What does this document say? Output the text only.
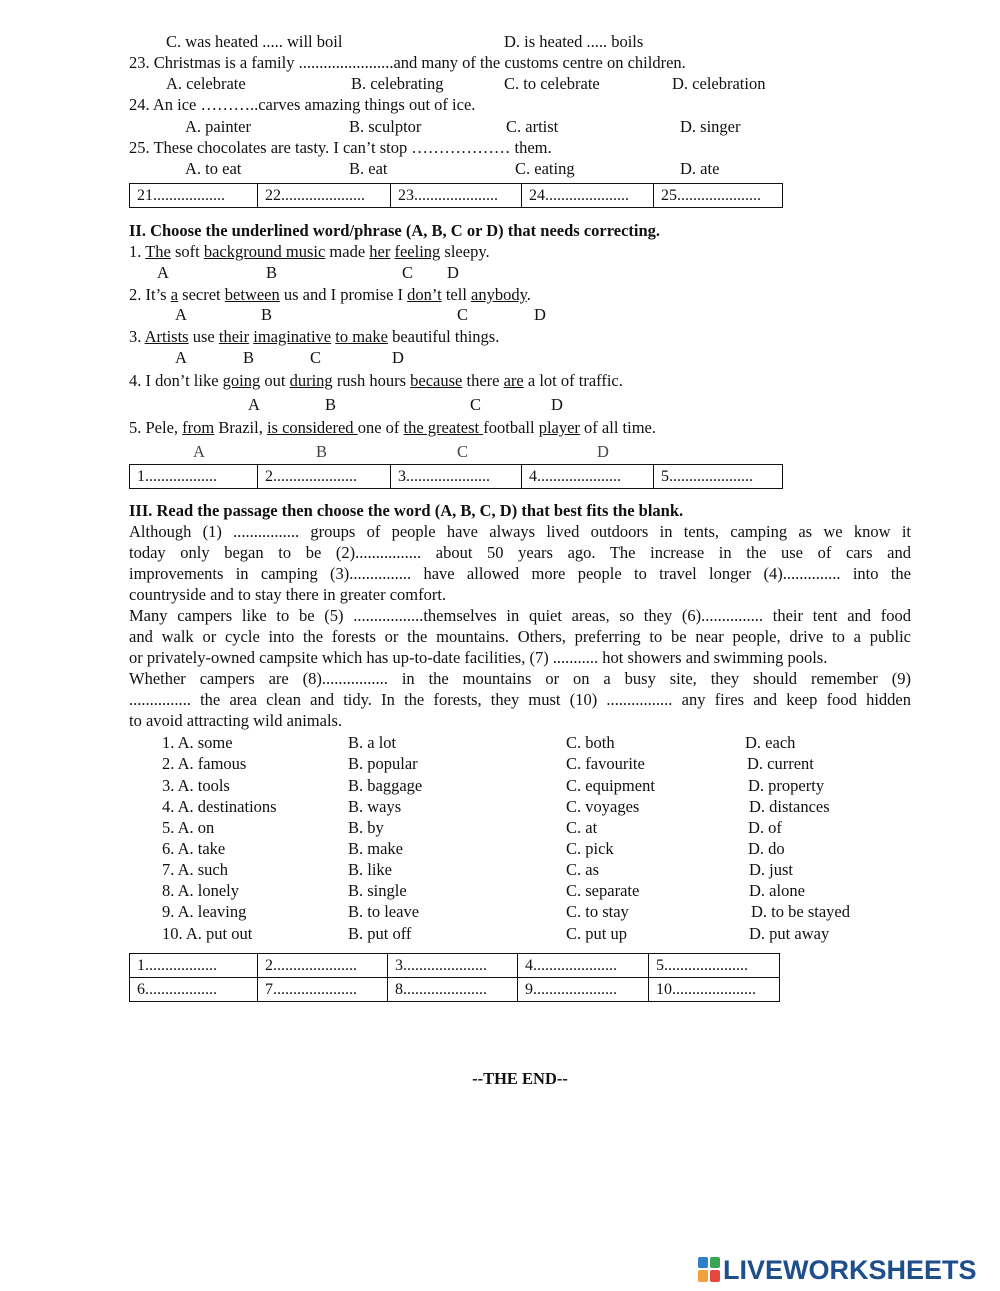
C. was heated ..... will boil	D. is heated ..... boils
23. Christmas is a family .......................and many of the customs centre on children.
A. celebrate	B. celebrating	C. to celebrate	D. celebration
24. An ice ………..carves amazing things out of ice.
A. painter	B. sculptor	C. artist	D. singer
25. These chocolates are tasty. I can’t stop ……………… them.
A. to eat	B. eat	C. eating	D. ate
21..................	22.....................	23.....................	24.....................	25.....................
II. Choose the underlined word/phrase (A, B, C or D) that needs correcting.
1. The soft background music made her feeling sleepy.
A	B	C D
2. It’s a secret between us and I promise I don’t tell anybody.
A	B	C	D
3. Artists use their imaginative to make beautiful things.
A	B	C	D
4. I don’t like going out during rush hours because there are a lot of traffic.
A	B	C	D
5. Pele, from Brazil, is considered one of the greatest football player of all time.
A	B	C	D
1..................	2.....................	3.....................	4.....................	5.....................
III. Read the passage then choose the word (A, B, C, D) that best fits the blank.
Although (1) ................ groups of people have always lived outdoors in tents, camping as we know it
today only began to be (2)................ about 50 years ago. The increase in the use of cars and
improvements in camping (3)............... have allowed more people to travel longer (4).............. into the
countryside and to stay there in greater comfort.
Many campers like to be (5) .................themselves in quiet areas, so they (6)............... their tent and food
and walk or cycle into the forests or the mountains. Others, preferring to be near people, drive to a public
or privately-owned campsite which has up-to-date facilities, (7) ........... hot showers and swimming pools.
Whether campers are (8)................ in the mountains or on a busy site, they should remember (9)
............... the area clean and tidy. In the forests, they must (10) ................ any fires and keep food hidden
to avoid attracting wild animals.
1. A. some	B. a lot	C. both	D. each
2. A. famous	B. popular	C. favourite	D. current
3. A. tools	B. baggage	C. equipment	D. property
4. A. destinations	B. ways	C. voyages	D. distances
5. A. on	B. by	C. at	D. of
6. A. take	B. make	C. pick	D. do
7. A. such	B. like	C. as	D. just
8. A. lonely	B. single	C. separate	D. alone
9. A. leaving	B. to leave	C. to stay	D. to be stayed
10. A. put out	B. put off	C. put up	D. put away
1..................	2.....................	3.....................	4.....................	5.....................
6..................	7.....................	8.....................	9.....................	10.....................
--THE END--
LIVEWORKSHEETS
